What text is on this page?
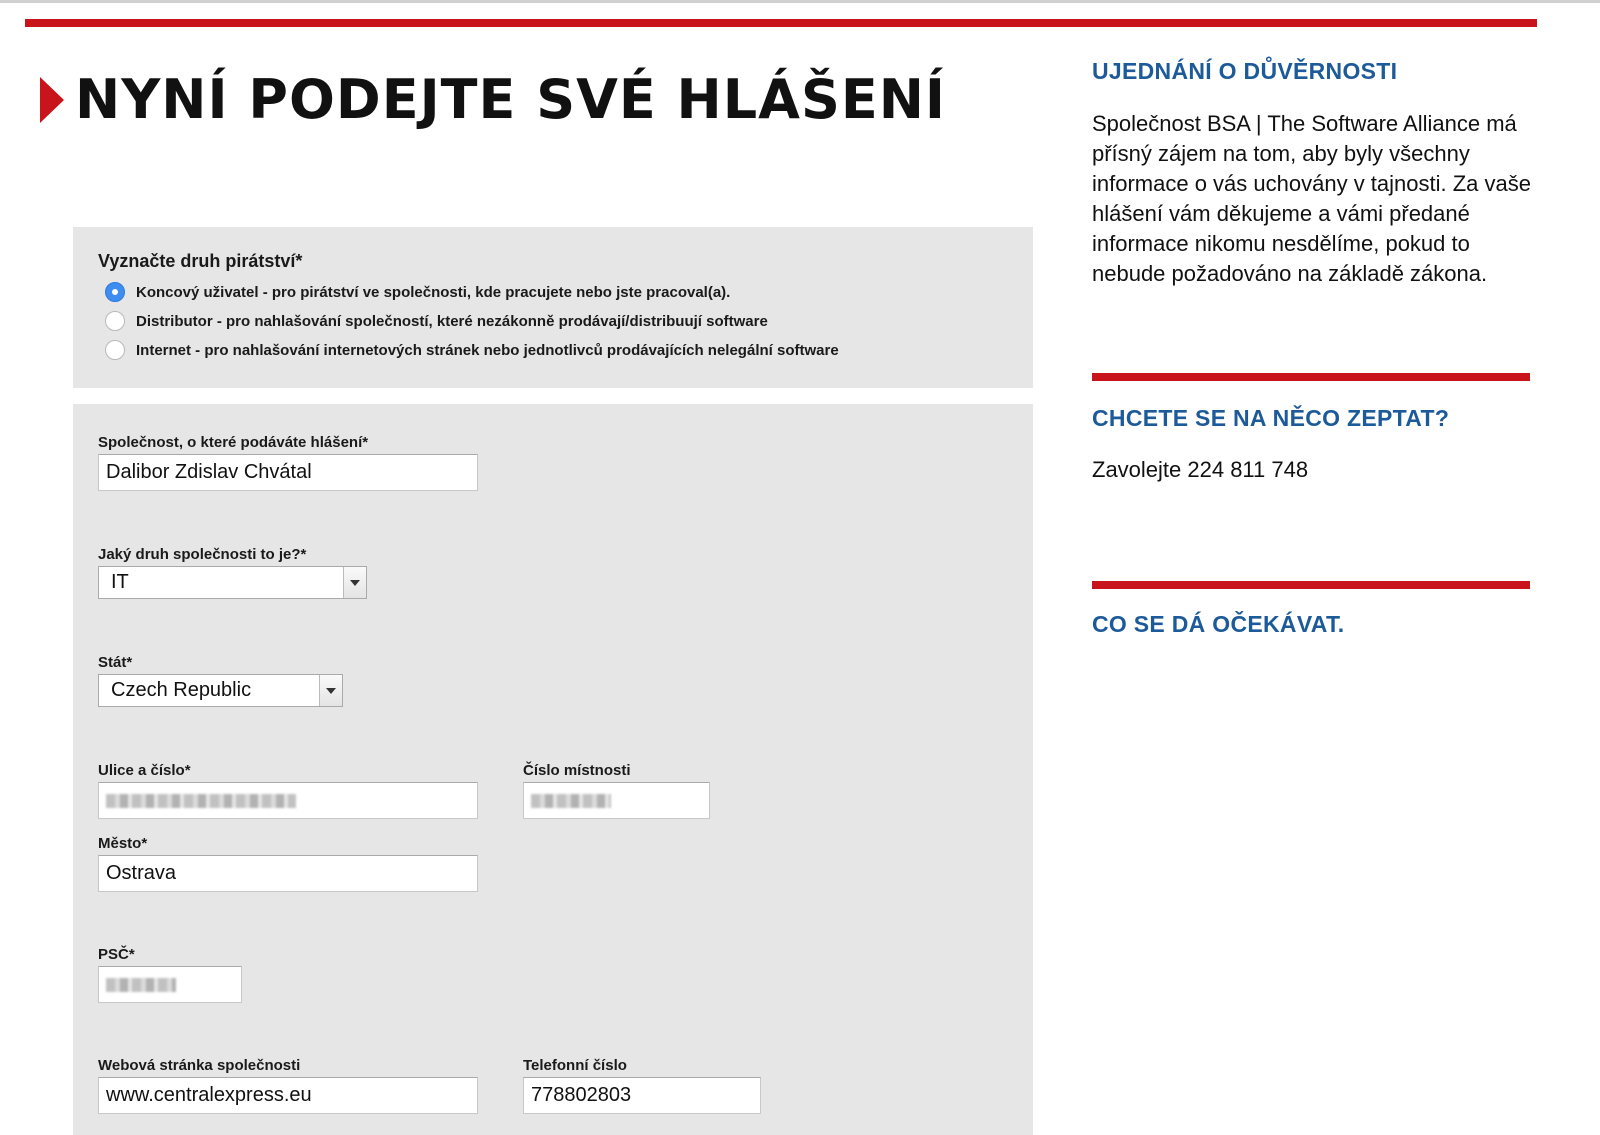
NYNÍ PODEJTE SVÉ HLÁŠENÍ
Vyznačte druh pirátství*
Koncový uživatel - pro pirátství ve společnosti, kde pracujete nebo jste pracoval(a).
Distributor - pro nahlašování společností, které nezákonně prodávají/distribuují software
Internet - pro nahlašování internetových stránek nebo jednotlivců prodávajících nelegální software
Společnost, o které podáváte hlášení*
Dalibor Zdislav Chvátal
Jaký druh společnosti to je?*
IT
Stát*
Czech Republic
Ulice a číslo*	Číslo místnosti
Město*
Ostrava
PSČ*
Webová stránka společnosti
www.centralexpress.eu
Telefonní číslo
778802803
UJEDNÁNÍ O DŮVĚRNOSTI
Společnost BSA | The Software Alliance má přísný zájem na tom, aby byly všechny informace o vás uchovány v tajnosti. Za vaše hlášení vám děkujeme a vámi předané informace nikomu nesdělíme, pokud to nebude požadováno na základě zákona.
CHCETE SE NA NĚCO ZEPTAT?
Zavolejte 224 811 748
CO SE DÁ OČEKÁVAT.
